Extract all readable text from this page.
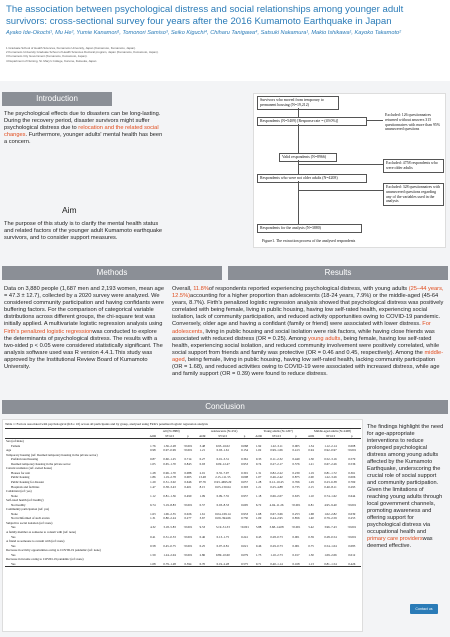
The association between psychological distress and social relationships among younger adult survivors: cross-sectional survey four years after the 2016 Kumamoto Earthquake in Japan
Ayako Ide-Okochi¹, Mu He², Yumie Kanamori¹, Tomonori Samiso³, Seiko Kiguchi⁴, Chiharu Tanigawa⁴, Satsuki Nakamura¹, Makio Ishikawa¹, Kayoko Takamoto²
1 Graduate School of Health Sciences, Kumamoto University, Japan (Kumamoto, Kumamoto, Japan).
2 Kumamoto University Graduate School of Health Sciences Doctoral program, Japan (Kumamoto, Kumamoto, Japan).
3 Kumamoto City Government (Kumamoto, Kumamoto, Japan).
4 Department of Nursing, St. Mary's College, Kurume, Fukuoka, Japan
Introduction
The psychological effects due to disasters can be long-lasting. During the recovery period, disaster survivors might suffer psychological distress due to relocation and the related social changes. Furthermore, younger adults' mental health has been a concern.
Aim
The purpose of this study is to clarify the mental health status and related factors of the younger adult Kumamoto earthquake survivors, and to consider support measures.
Survivors who moved from temporary to permanent housing (N=19,212)
Respondents (N=5409) [Response rate = (49.0%)]
Excluded: 126 questionnaires returned without answers 315 questionnaires with more than 95% unanswered questions
Valid respondents (N=8966)
Excluded: 4758 respondents who were older adults
Respondents who were not older adults (N=4208)
Excluded: 328 questionnaires with unanswered questions regarding any of the variables used in the analysis
Respondents for the analysis (N=3880)
Figure1. The extraction process of the analysed respondents
Methods
Data on 3,880 people (1,687 men and 2,193 women, mean age = 47.3 ± 12.7), collected by a 2020 survey were analyzed. We considered community participation and having confidants were buffering factors. For the comparison of categorical variable distributions across different groups, the chi-square test was initially applied. A multivariate logistic regression analysis using Firth's penalized logistic regressionwas conducted to explore the determinants of psychological distress. The results with a two-sided p < 0.05 were considered statistically significant. The analysis software used was R version 4.4.1.This study was approved by the Institutional Review Board of Kumamoto University.
Results
Overall, 11.8%of respondents reported experiencing psychological distress, with young adults (25–44 years, 12.5%)accounting for a higher proportion than adolescents (18-24 years, 7.9%) or the middle-aged (45-64 years, 8.7%). Firth's penalized logistic regression analysis showed that psychological distress was positively correlated with being female, living in public housing, having low self-rated health, experiencing social isolation, lack of community participation, and reduced activity opportunities owing to COVID-19 pandemic. Conversely, older age and having a confidant (family or friend) were associated with lower distress. For adolescents, living in public housing and social isolation were risk factors, while having close friends was associated with reduced distress (OR = 0.25). Among young adults, being female, having low self-rated health, experiencing social isolation, and reduced community involvement were positively correlated, while social support from friends and family was protective (OR = 0.46 and 0.45, respectively). Among the middle-aged, being female, living in public housing, having low self-rated health, lacking community participation (OR = 1.68), and reduced activities owing to COVID-19 were associated with increased distress, while age and family support (OR = 0.39) were found to reduce distress.
Conclusion
Table 1: Factors associated with psychological (K6 ≥ 10) across all participants and by group, analysed using Firth's penalized logistic regression analysis
	All (N=3880)			Adolescents (N=252)			Young adults (N=1207)			Middle-aged adults (N=2408)		
	AOR	95%CI	p	AOR	95%CI	p	AOR	95%CI	p	AOR	95%CI	p
Sex (ref:male)												
Female	1.76	1.36–2.28	<0.001	3.48	0.93–16.02	0.068	1.92	1.22–3.11	0.005	1.54	1.12–2.14	0.008
Age	0.98	0.97–0.99	<0.001	1.21	0.93–1.61	0.154	1.02	0.99–1.06	0.413	0.94	0.92–0.97	<0.001
Temporary housing (ref: Deemed temporary housing in the private sector)												
Prefabricated housing	0.87	0.60–1.25	0.714	0.27	0.01–3.31	0.361	0.33	0.11–2.32	0.449	1.30	0.52–3.16	0.579
Deemed temporary housing in the private sector	1.05	0.65–1.70	0.843	0.93	0.09–12.47	0.953	0.74	0.27–2.17	0.576	1.21	0.67–2.26	0.536
Current residence (ref: owned house)												
Houses for rent	1.28	0.96–1.70	0.088	2.01	0.55–7.97	0.301	1.31	0.82–2.22	0.239	1.19	0.81–1.72	0.361
Public housing	1.86	1.19–2.78	0.005	13.48	2.15–111.55	0.008	1.07	0.46–2.42	0.875	2.00	1.22–3.26	0.006
Public housing for disaster	1.29	0.51–3.02	0.646	97.76	0.93–4693.29	0.057	1.28	0.12–10.45	0.766	1.29	0.23–6.38	0.769
Hospitals and facilities	1.47	0.58–3.43	0.401	8.15	0.05–150.64	0.303	1.21	0.25–4.88	0.735	2.15	0.40–8.11	0.293
Cohabitant (ref: yes)												
None	1.12	0.81–1.56	0.490	1.09	0.09–7.55	0.957	1.18	0.66–2.07	0.635	1.10	0.74–1.62	0.644
Self-rated health (ref: healthy)												
Not healthy	6.74	5.19–8.83	<0.001	0.57	0.03–8.33	0.695	6.72	4.04–11.26	<0.001	6.81	4.95–9.40	<0.001
Community participation (ref: yes)												
None	1.63	1.06–2.55	0.026	1.61	0.04–109.14	0.933	1.68	0.67–3.66	0.253	1.68	1.02–2.82	0.039
Not in/Informed of such events	1.31	0.80–2.24	0.277	3.67	0.09–394.66	0.750	1.09	0.44–2.95	0.856	1.40	0.79–2.59	0.253
Subjective social isolation (ref: none)												
Yes	4.32	3.18–5.83	<0.001	9.53	3.19–31.33	<0.001	5.88	3.68–14.08	<0.001	5.42	3.96–7.43	<0.001
A family member as someone to consult with (ref: none)												
Yes	0.41	0.31–0.53	<0.001	0.46	0.13–1.75	0.241	0.45	0.28–0.73	0.001	0.39	0.28–0.54	<0.001
A friend as someone to consult with (ref: none)												
Yes	0.58	0.45–0.75	<0.001	0.25	0.07–0.81	0.021	0.46	0.29–0.73	0.001	0.75	0.54–1.04	0.083
Decrease in activity opportunities owing to COVID-19 pandemic (ref: none)												
Yes	1.59	1.24–2.04	<0.001	2.86	0.89–10.60	0.079	1.73	1.10–2.73	0.017	1.50	1.09–2.06	0.012
Decrease in income owing to COVID-19 pandemic (ref: none)												
Yes	1.08	0.79–1.28	0.594	0.70	0.19–2.28	0.575	0.71	0.40–1.14	0.168	1.13	0.81–1.54	0.426
The findings highlight the need for age-appropriate interventions to reduce prolonged psychological distress among young adults affected by the Kumamoto Earthquake, underscoring the crucial role of social support and community participation. Given the limitations of reaching young adults through local government channels, promoting awareness and offering support for psychological distress via occupational health and primary care providerswas deemed effective.
Contact us
